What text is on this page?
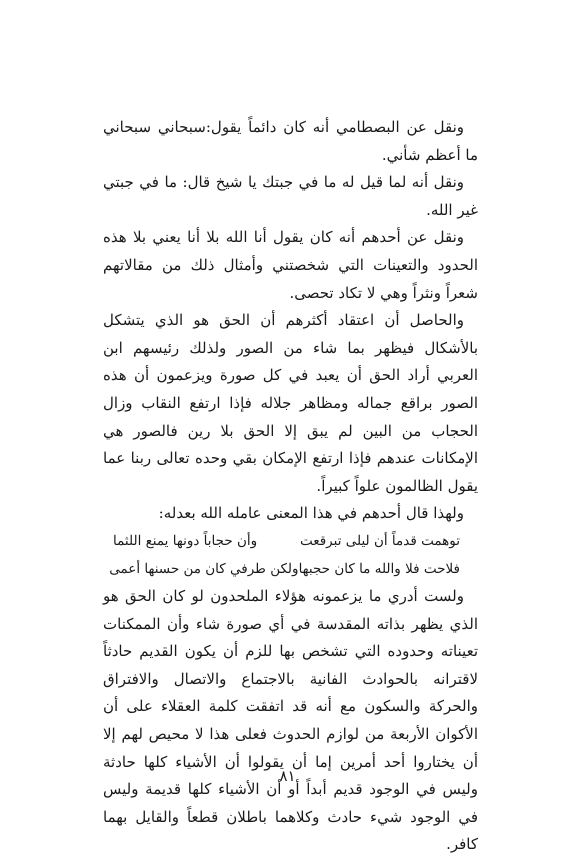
ونقل عن البصطامي أنه كان دائماً يقول:سبحاني سبحاني ما أعظم شأني.

ونقل أنه لما قيل له ما في جبتك يا شيخ قال: ما في جبتي غير الله.

ونقل عن أحدهم أنه كان يقول أنا الله بلا أنا يعني بلا هذه الحدود والتعينات التي شخصتني وأمثال ذلك من مقالاتهم شعراً ونثراً وهي لا تكاد تحصى.

والحاصل أن اعتقاد أكثرهم أن الحق هو الذي يتشكل بالأشكال فيظهر بما شاء من الصور ولذلك رئيسهم ابن العربي أراد الحق أن يعبد في كل صورة ويزعمون أن هذه الصور براقع جماله ومظاهر جلاله فإذا ارتفع النقاب وزال الحجاب من البين لم يبق إلا الحق بلا رين فالصور هي الإمكانات عندهم فإذا ارتفع الإمكان بقي وحده تعالى ربنا عما يقول الظالمون علواً كبيراً.

ولهذا قال أحدهم في هذا المعنى عامله الله بعدله:

توهمت قدماً أن ليلى تبرقعت
وأن حجاباً دونها يمنع اللثما
فلاحت فلا والله ما كان حجبها
ولكن طرفي كان من حسنها أعمى

ولست أدري ما يزعمونه هؤلاء الملحدون لو كان الحق هو الذي يظهر بذاته المقدسة في أي صورة شاء وأن الممكنات تعيناته وحدوده التي تشخص بها للزم أن يكون القديم حادثاً لاقترانه بالحوادث الفانية بالاجتماع والاتصال والافتراق والحركة والسكون مع أنه قد اتفقت كلمة العقلاء على أن الأكوان الأربعة من لوازم الحدوث فعلى هذا لا محيص لهم إلا أن يختاروا أحد أمرين إما أن يقولوا أن الأشياء كلها حادثة وليس في الوجود قديم أبداً أو أن الأشياء كلها قديمة وليس في الوجود شيء حادث وكلاهما باطلان قطعاً والقايل بهما كافر.

٨١
